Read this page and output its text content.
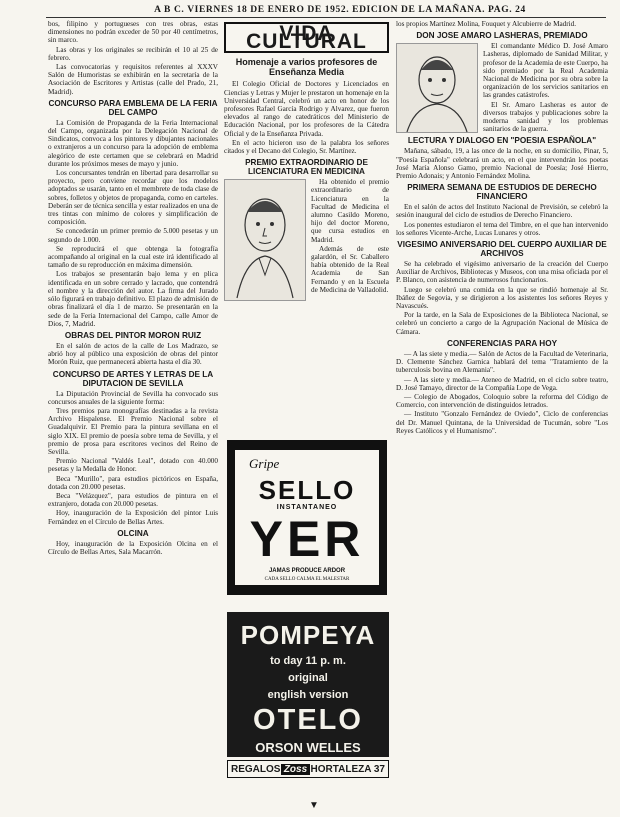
A B C. VIERNES 18 DE ENERO DE 1952. EDICION DE LA MAÑANA. PAG. 24

bos, filipino y portugueses con tres obras, estas dimensiones no podrán exceder de 50 por 40 centímetros, sin marco.

Las obras y los originales se recibirán el 10 al 25 de febrero.

Las convocatorias y requisitos referentes al XXXV Salón de Humoristas se exhibirán en la secretaría de la Asociación de Escritores y Artistas (calle del Prado, 21, Madrid).

CONCURSO PARA EMBLEMA DE LA FERIA DEL CAMPO

La Comisión de Propaganda de la Feria Internacional del Campo, organizada por la Delegación Nacional de Sindicatos, convoca a los pintores y dibujantes nacionales o extranjeros a un concurso para la adopción de emblema alegórico de este certamen que se celebrará en Madrid durante los próximos meses de mayo y junio.

Los concursantes tendrán en libertad para desarrollar su proyecto, pero conviene recordar que los modelos adoptados se usarán, tanto en el membrete de toda clase de sobres, folletos y objetos de propaganda, como en carteles. Deberán ser de técnica sencilla y estar realizados en una de tres tintas con mínimo de colores y simplificación de composición.

Se concederán un primer premio de 5.000 pesetas y un segundo de 1.000.

Se reproducirá el que obtenga la fotografía acompañando al original en la cual este irá identificado al tamaño de su reproducción en máxima dimensión.

Los trabajos se presentarán bajo lema y en plica identificada en un sobre cerrado y lacrado, que contendrá el nombre y la dirección del autor. La firma del Jurado sólo figurará en trabajo definitivo. El plazo de admisión de obras finalizará el día 1 de marzo. Se presentarán en la sede de la Feria Internacional del Campo, calle Amor de Dios, 7, Madrid.

OBRAS DEL PINTOR MORON RUIZ

En el salón de actos de la calle de Los Madrazo, se abrió hoy al público una exposición de obras del pintor Morón Ruiz, que permanecerá abierta hasta el día 30.

CONCURSO DE ARTES Y LETRAS DE LA DIPUTACION DE SEVILLA

La Diputación Provincial de Sevilla ha convocado sus concursos anuales de la siguiente forma:

Tres premios para monografías destinadas a la revista Archivo Hispalense. El Premio Nacional sobre el Guadalquivir. El Premio para la pintura sevillana en el siglo XIX. El premio de poesía sobre tema de Sevilla, y el premio de prosa para escritores vecinos del Reino de Sevilla.

Premio Nacional "Valdés Leal", dotado con 40.000 pesetas y la Medalla de Honor.

Beca "Murillo", para estudios pictóricos en España, dotada con 20.000 pesetas.

Beca "Velázquez", para estudios de pintura en el extranjero, dotada con 20.000 pesetas.

Hoy, inauguración de la Exposición del pintor Luis Fernández en el Círculo de Bellas Artes.

OLCINA

Hoy, inauguración de la Exposición Olcina en el Círculo de Bellas Artes, Sala Macarrón.

VIDA CULTURAL
Homenaje a varios profesores de Enseñanza Media

El Colegio Oficial de Doctores y Licenciados en Ciencias y Letras y Mujer le prestaron un homenaje en la Universidad Central, celebró un acto en honor de los profesores Rafael García Rodrigo y Alvarez, que fueron elevados al rango de catedráticos del Ministerio de Educación Nacional, por los profesores de la Cátedra Oficial y de la Enseñanza Privada.

En el acto hicieron uso de la palabra los señores citados y el Decano del Colegio, Sr. Martínez.

PREMIO EXTRAORDINARIO DE LICENCIATURA EN MEDICINA

Ha obtenido el premio extraordinario de Licenciatura en la Facultad de Medicina el alumno Casildo Moreno, hijo del doctor Moreno, que cursa estudios en Madrid.

Además de este galardón, el Sr. Caballero había obtenido de la Real Academia de San Fernando y en la Escuela de Medicina de Valladolid.

Gripe
SELLO
INSTANTANEO
YER
JAMAS PRODUCE ARDOR
CADA SELLO CALMA EL MALESTAR
POMPEYA
to day 11 p. m.
original
english version
OTELO
ORSON WELLES
REGALOS Zoss HORTALEZA 37
▼

los propios Martínez Molina, Fouquet y Alcubierre de Madrid.

DON JOSE AMARO LASHERAS, PREMIADO

El comandante Médico D. José Amaro Lasheras, diplomado de Sanidad Militar, y profesor de la Academia de este Cuerpo, ha sido premiado por la Real Academia Nacional de Medicina por su obra sobre la organización de los servicios sanitarios en las grandes catástrofes.

El Sr. Amaro Lasheras es autor de diversos trabajos y publicaciones sobre la moderna sanidad y los problemas sanitarios de la guerra.

LECTURA Y DIALOGO EN "POESIA ESPAÑOLA"

Mañana, sábado, 19, a las once de la noche, en su domicilio, Pinar, 5, "Poesía Española" celebrará un acto, en el que intervendrán los poetas José María Alonso Gamo, premio Nacional de Poesía; José Hierro, Premio Adonais; y Antonio Fernández Molina.

PRIMERA SEMANA DE ESTUDIOS DE DERECHO FINANCIERO

En el salón de actos del Instituto Nacional de Previsión, se celebró la sesión inaugural del ciclo de estudios de Derecho Financiero.

Los ponentes estudiaron el tema del Timbre, en el que han intervenido los señores Vicente-Arche, Lucas Lunares y otros.

VIGESIMO ANIVERSARIO DEL CUERPO AUXILIAR DE ARCHIVOS

Se ha celebrado el vigésimo aniversario de la creación del Cuerpo Auxiliar de Archivos, Bibliotecas y Museos, con una misa oficiada por el P. Blanco, con asistencia de numerosos funcionarios.

Luego se celebró una comida en la que se rindió homenaje al Sr. Ibáñez de Segovia, y se dirigieron a los asistentes los señores Reyes y Navascués.

Por la tarde, en la Sala de Exposiciones de la Biblioteca Nacional, se celebró un concierto a cargo de la Agrupación Nacional de Música de Cámara.

CONFERENCIAS PARA HOY

— A las siete y media.— Salón de Actos de la Facultad de Veterinaria, D. Clemente Sánchez Garnica hablará del tema "Tratamiento de la tuberculosis bovina en Alemania".

— A las siete y media.— Ateneo de Madrid, en el ciclo sobre teatro, D. José Tamayo, director de la Compañía Lope de Vega.

— Colegio de Abogados, Coloquio sobre la reforma del Código de Comercio, con intervención de distinguidos letrados.

— Instituto "Gonzalo Fernández de Oviedo", Ciclo de conferencias del Dr. Manuel Quintana, de la Universidad de Tucumán, sobre "Los Reyes Católicos y el Humanismo".
